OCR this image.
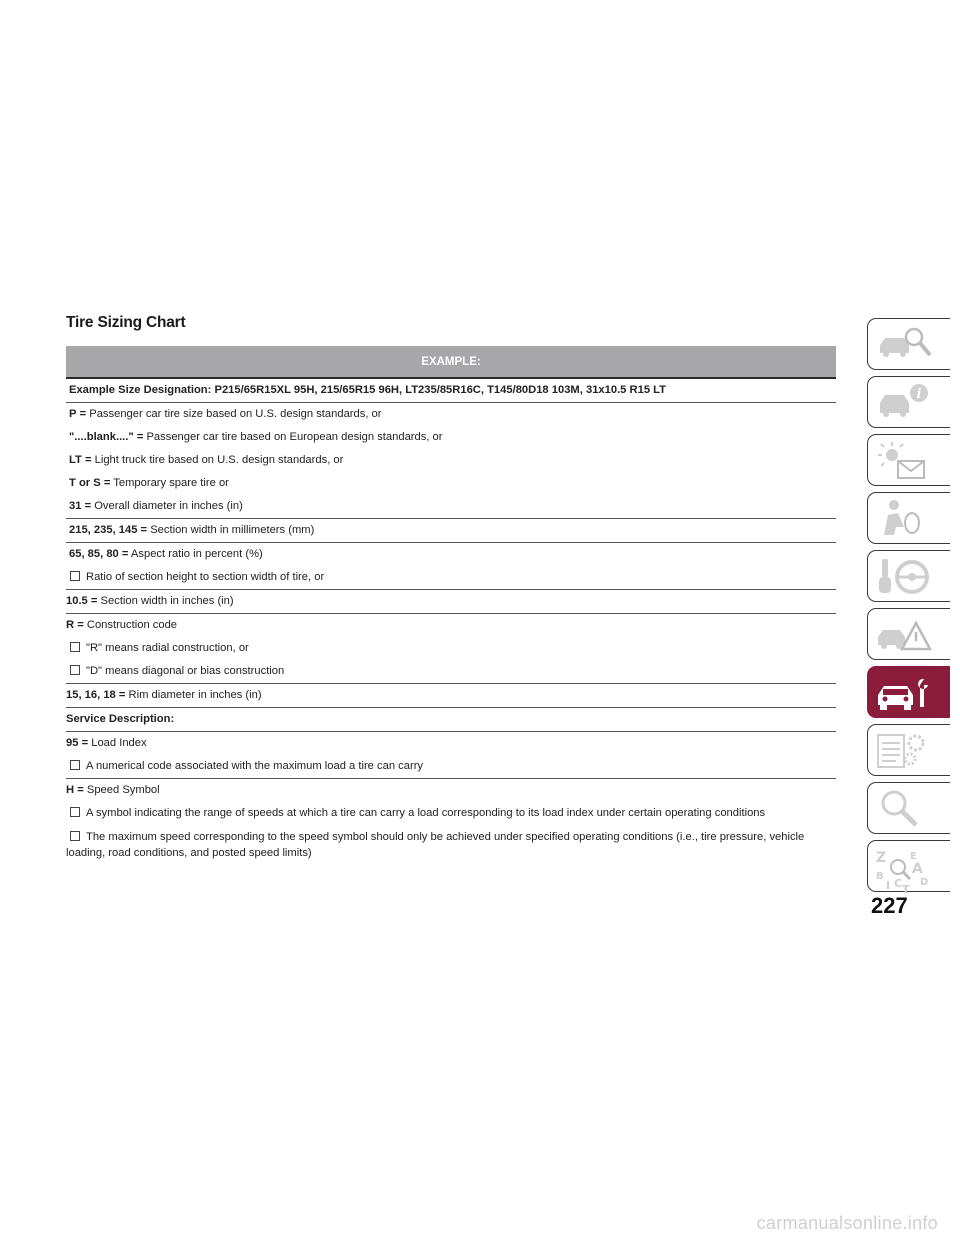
Tire Sizing Chart
EXAMPLE:
Example Size Designation: P215/65R15XL 95H, 215/65R15 96H, LT235/85R16C, T145/80D18 103M, 31x10.5 R15 LT
P = Passenger car tire size based on U.S. design standards, or
"....blank...." = Passenger car tire based on European design standards, or
LT = Light truck tire based on U.S. design standards, or
T or S = Temporary spare tire or
31 = Overall diameter in inches (in)
215, 235, 145 = Section width in millimeters (mm)
65, 85, 80 = Aspect ratio in percent (%)
Ratio of section height to section width of tire, or
10.5 = Section width in inches (in)
R = Construction code
"R" means radial construction, or
"D" means diagonal or bias construction
15, 16, 18 = Rim diameter in inches (in)
Service Description:
95 = Load Index
A numerical code associated with the maximum load a tire can carry
H = Speed Symbol
A symbol indicating the range of speeds at which a tire can carry a load corresponding to its load index under certain operating conditions
The maximum speed corresponding to the speed symbol should only be achieved under specified operating conditions (i.e., tire pressure, vehicle loading, road conditions, and posted speed limits)
i
Z E
A
B
I C T
D
227
carmanualsonline.info
